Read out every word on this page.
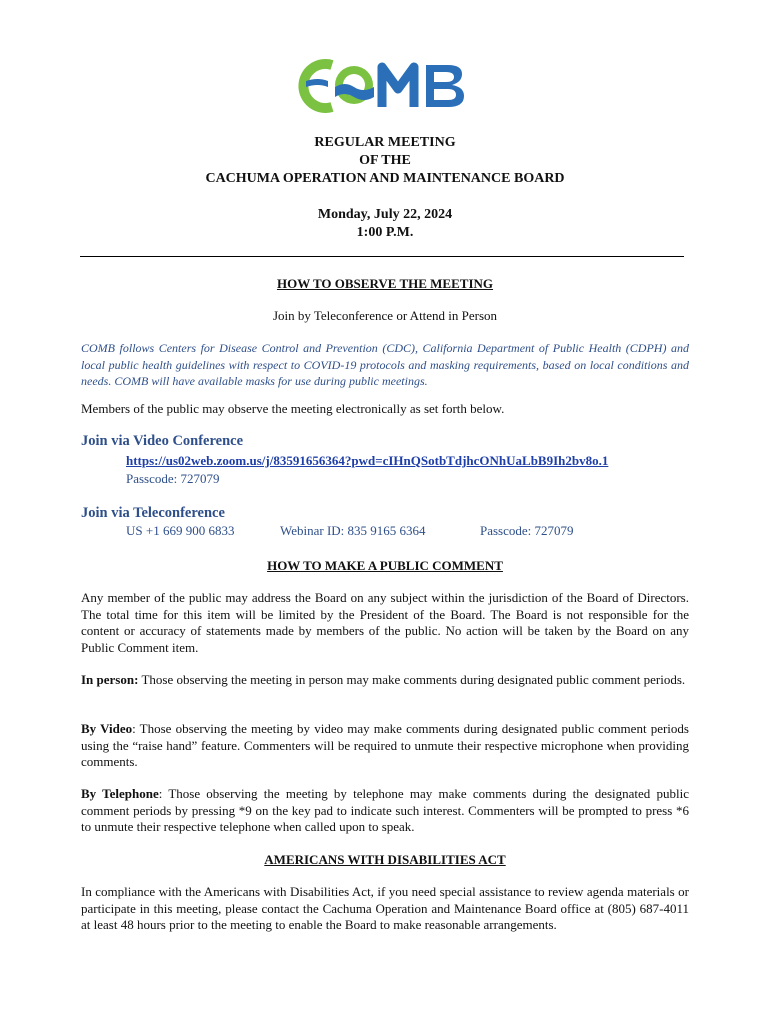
REGULAR MEETING
OF THE
CACHUMA OPERATION AND MAINTENANCE BOARD
Monday, July 22, 2024
1:00 P.M.
HOW TO OBSERVE THE MEETING
Join by Teleconference or Attend in Person
COMB follows Centers for Disease Control and Prevention (CDC), California Department of Public Health (CDPH) and local public health guidelines with respect to COVID-19 protocols and masking requirements, based on local conditions and needs. COMB will have available masks for use during public meetings.
Members of the public may observe the meeting electronically as set forth below.
Join via Video Conference
https://us02web.zoom.us/j/83591656364?pwd=cIHnQSotbTdjhcONhUaLbB9Ih2bv8o.1
Passcode: 727079
Join via Teleconference
US +1 669 900 6833	Webinar ID: 835 9165 6364	Passcode: 727079
HOW TO MAKE A PUBLIC COMMENT
Any member of the public may address the Board on any subject within the jurisdiction of the Board of Directors. The total time for this item will be limited by the President of the Board. The Board is not responsible for the content or accuracy of statements made by members of the public. No action will be taken by the Board on any Public Comment item.
In person: Those observing the meeting in person may make comments during designated public comment periods.
By Video: Those observing the meeting by video may make comments during designated public comment periods using the “raise hand” feature. Commenters will be required to unmute their respective microphone when providing comments.
By Telephone: Those observing the meeting by telephone may make comments during the designated public comment periods by pressing *9 on the key pad to indicate such interest. Commenters will be prompted to press *6 to unmute their respective telephone when called upon to speak.
AMERICANS WITH DISABILITIES ACT
In compliance with the Americans with Disabilities Act, if you need special assistance to review agenda materials or participate in this meeting, please contact the Cachuma Operation and Maintenance Board office at (805) 687-4011 at least 48 hours prior to the meeting to enable the Board to make reasonable arrangements.
